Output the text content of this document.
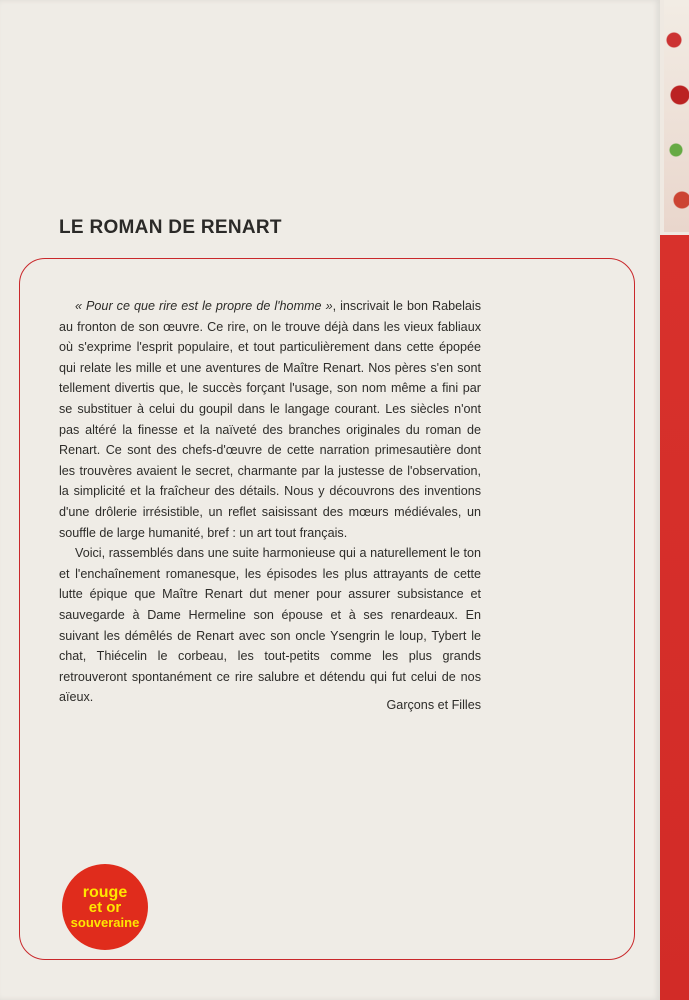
LE ROMAN DE RENART

« Pour ce que rire est le propre de l'homme », inscrivait le bon Rabelais au fronton de son œuvre. Ce rire, on le trouve déjà dans les vieux fabliaux où s'exprime l'esprit populaire, et tout particulièrement dans cette épopée qui relate les mille et une aventures de Maître Renart. Nos pères s'en sont tellement divertis que, le succès forçant l'usage, son nom même a fini par se substituer à celui du goupil dans le langage courant. Les siècles n'ont pas altéré la finesse et la naïveté des branches originales du roman de Renart. Ce sont des chefs-d'œuvre de cette narration primesautière dont les trouvères avaient le secret, charmante par la justesse de l'observation, la simplicité et la fraîcheur des détails. Nous y découvrons des inventions d'une drôlerie irrésistible, un reflet saisissant des mœurs médiévales, un souffle de large humanité, bref : un art tout français.

Voici, rassemblés dans une suite harmonieuse qui a naturellement le ton et l'enchaînement romanesque, les épisodes les plus attrayants de cette lutte épique que Maître Renart dut mener pour assurer subsistance et sauvegarde à Dame Hermeline son épouse et à ses renardeaux. En suivant les démêlés de Renart avec son oncle Ysengrin le loup, Tybert le chat, Thiécelin le corbeau, les tout-petits comme les plus grands retrouveront spontanément ce rire salubre et détendu qui fut celui de nos aïeux.

Garçons et Filles
rouge
et or
souveraine
